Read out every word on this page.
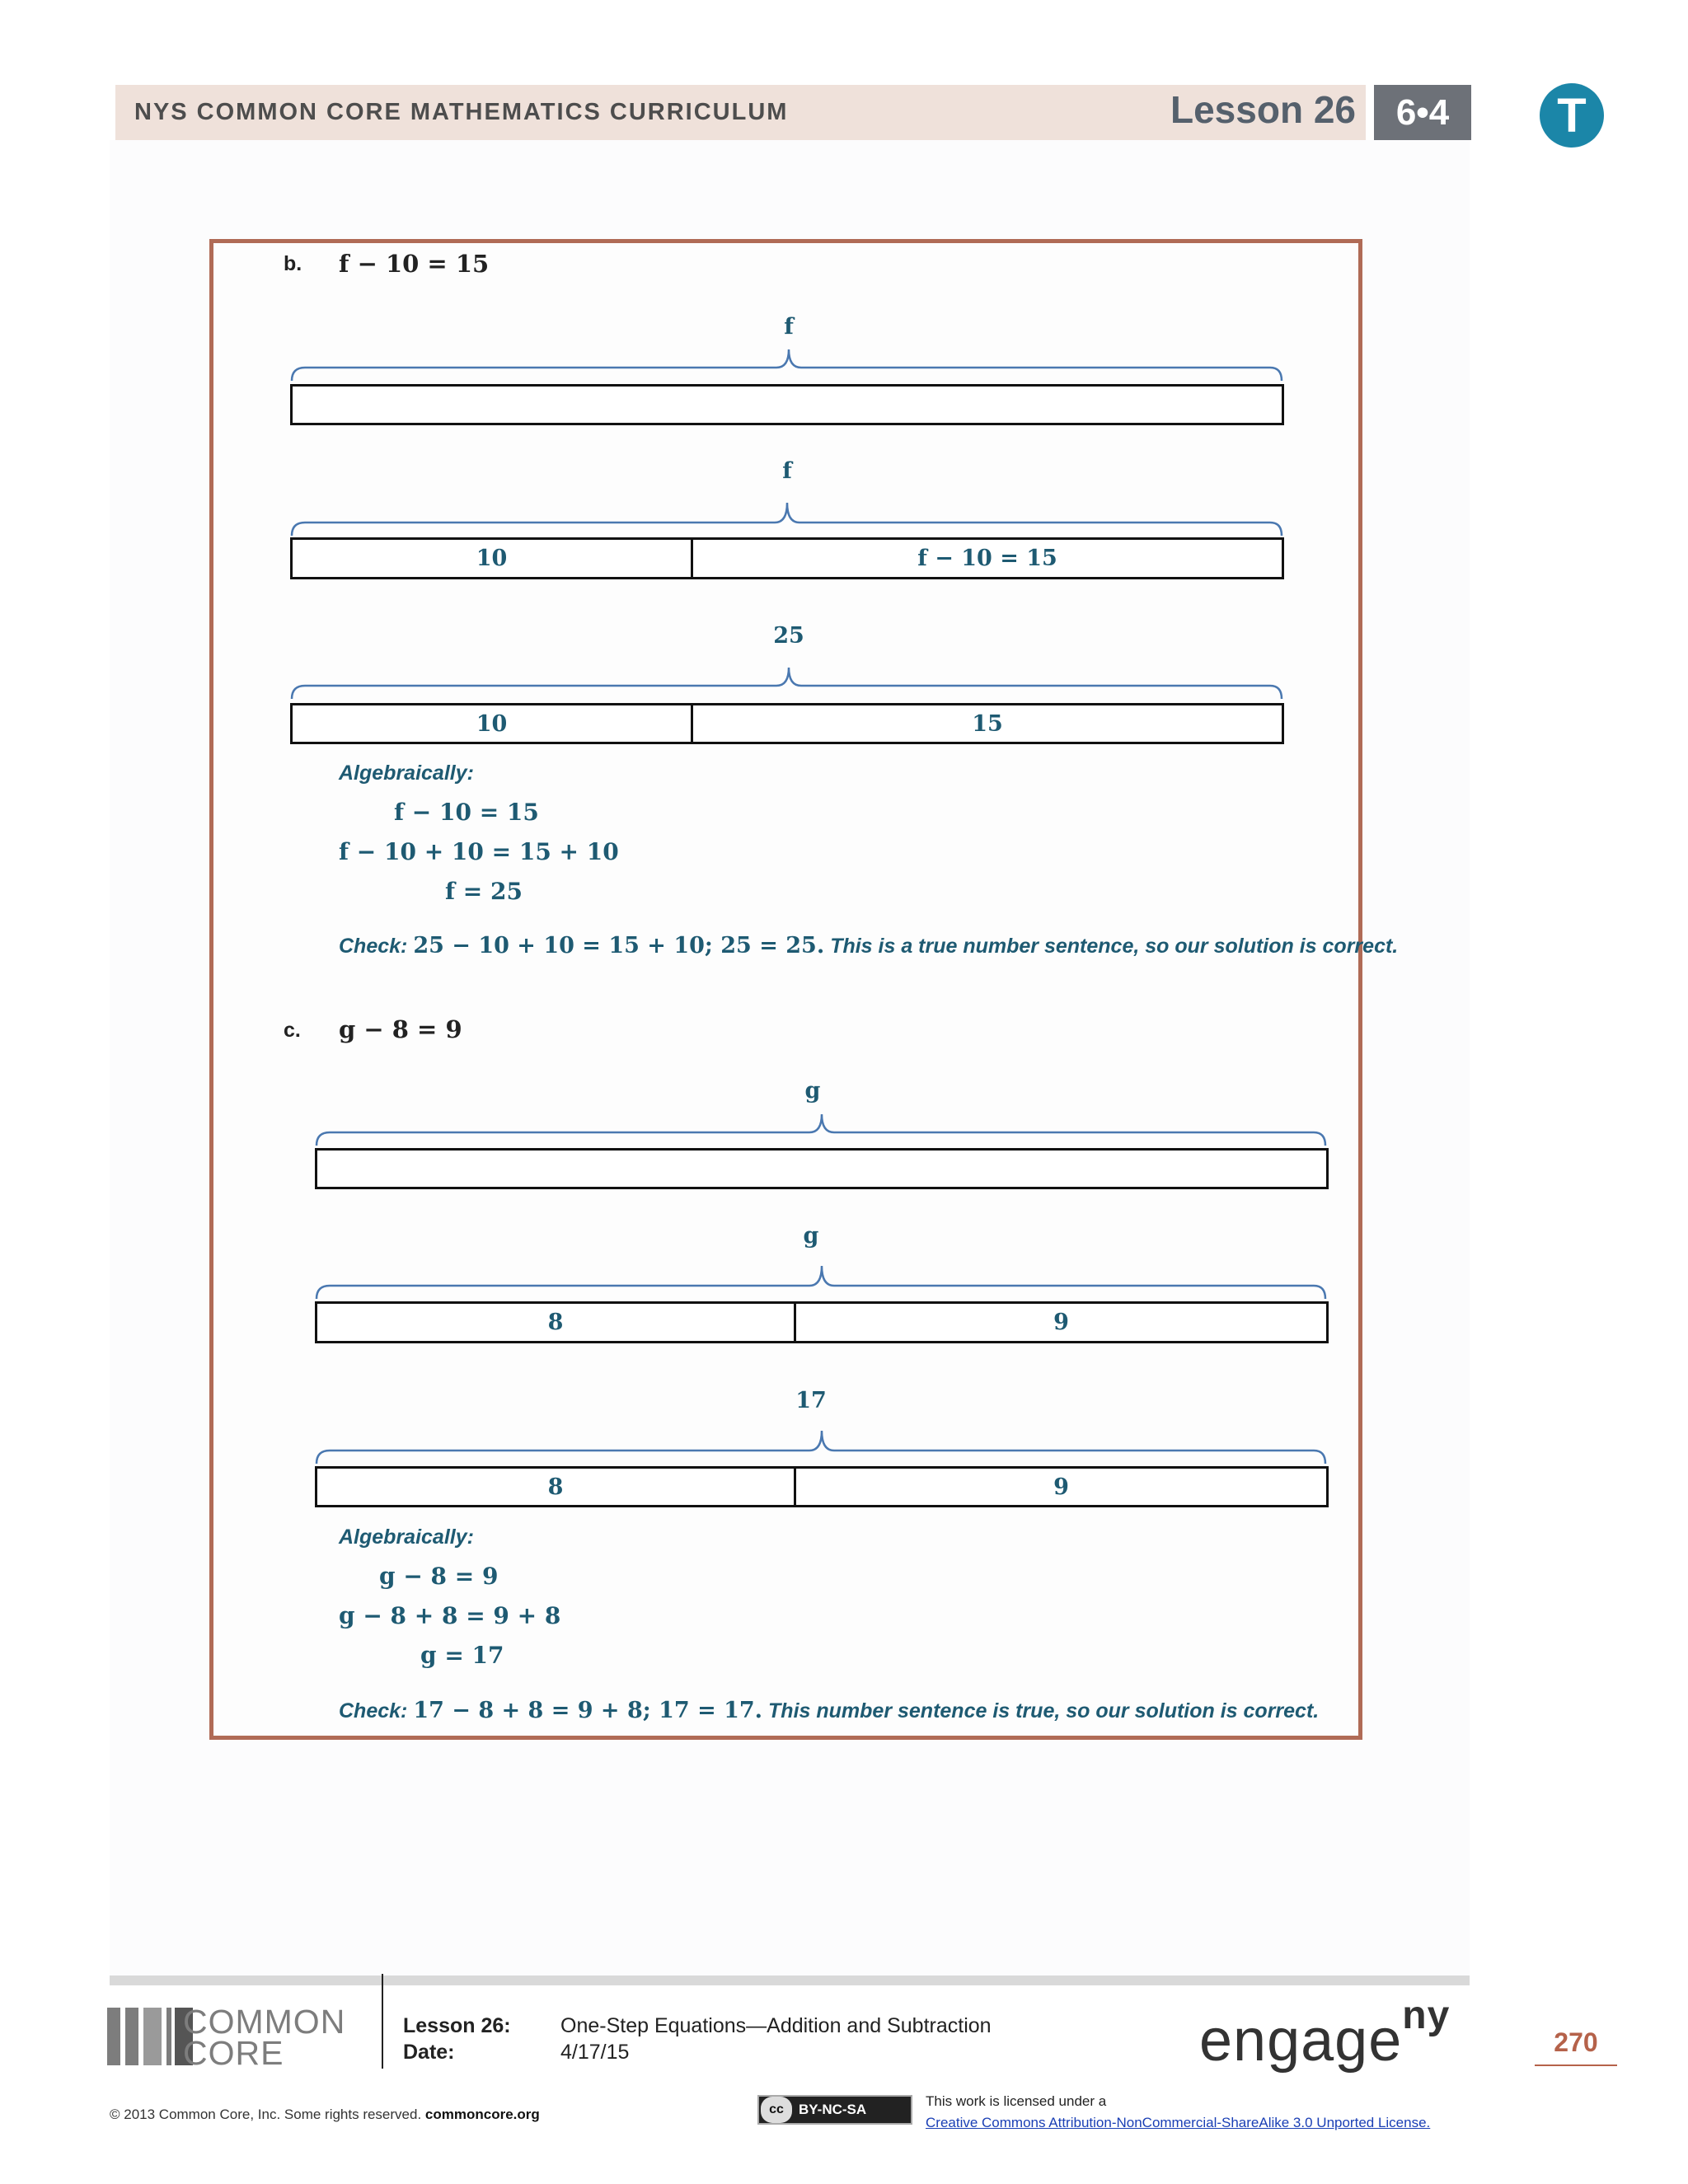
NYS COMMON CORE MATHEMATICS CURRICULUM	Lesson 26	6•4	T
b. f − 10 = 15
f
f
10	f − 10 = 15
25
10	15
Algebraically:
f − 10 = 15
f − 10 + 10 = 15 + 10
f = 25
Check: 25 − 10 + 10 = 15 + 10; 25 = 25. This is a true number sentence, so our solution is correct.
c. g − 8 = 9
g
g
8	9
17
8	9
Algebraically:
g − 8 = 9
g − 8 + 8 = 9 + 8
g = 17
Check: 17 − 8 + 8 = 9 + 8; 17 = 17. This number sentence is true, so our solution is correct.
COMMON
CORE
Lesson 26: One-Step Equations—Addition and Subtraction
Date:	4/17/15	engage$^{ny}$
270
© 2013 Common Core, Inc. Some rights reserved. commoncore.org	cc	BY-NC-SA
This work is licensed under a
Creative Commons Attribution-NonCommercial-ShareAlike 3.0 Unported License.
